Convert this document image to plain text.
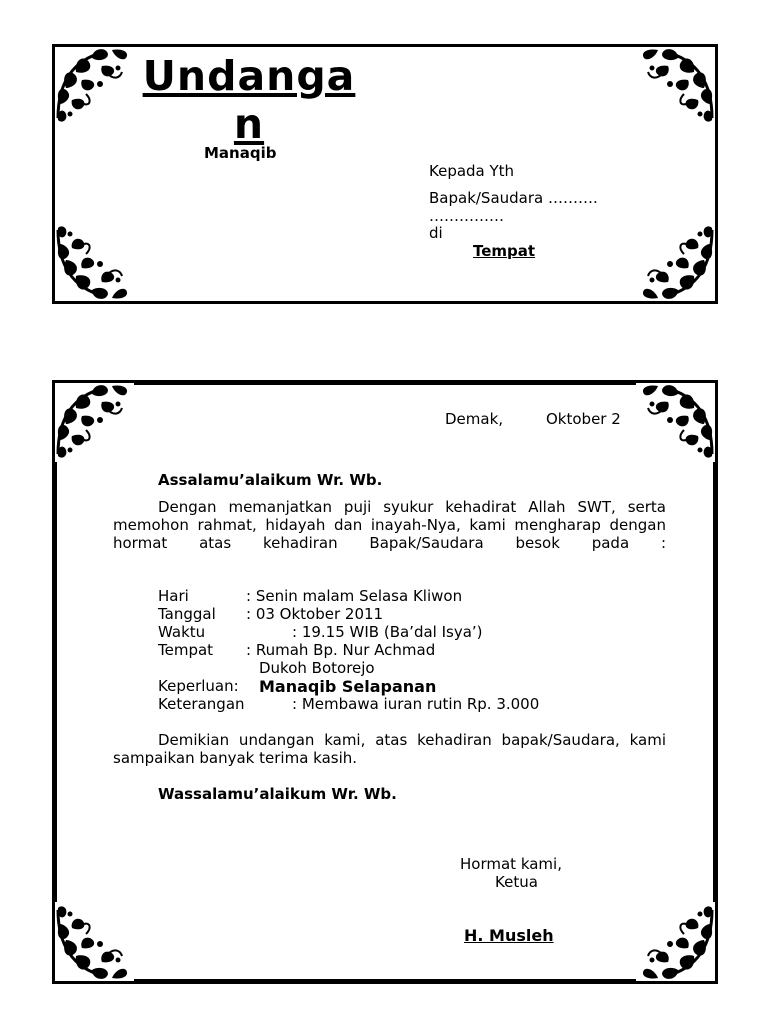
Undangan
Manaqib
Kepada Yth
Bapak/Saudara ……….
……………
di
Tempat
Demak,	Oktober 2
Assalamu’alaikum Wr. Wb.
Dengan memanjatkan puji syukur kehadirat Allah SWT, serta memohon rahmat, hidayah dan inayah-Nya, kami mengharap dengan hormat atas kehadiran Bapak/Saudara besok pada :
Hari	: Senin malam Selasa Kliwon
Tanggal : 03 Oktober 2011
Waktu	: 19.15 WIB (Ba’dal Isya’)
Tempat : Rumah Bp. Nur Achmad
Dukoh Botorejo
Keperluan: Manaqib Selapanan
Keterangan	: Membawa iuran rutin Rp. 3.000
Demikian undangan kami, atas kehadiran bapak/Saudara, kami sampaikan banyak terima kasih.
Wassalamu’alaikum Wr. Wb.
Hormat kami,
Ketua
H. Musleh
